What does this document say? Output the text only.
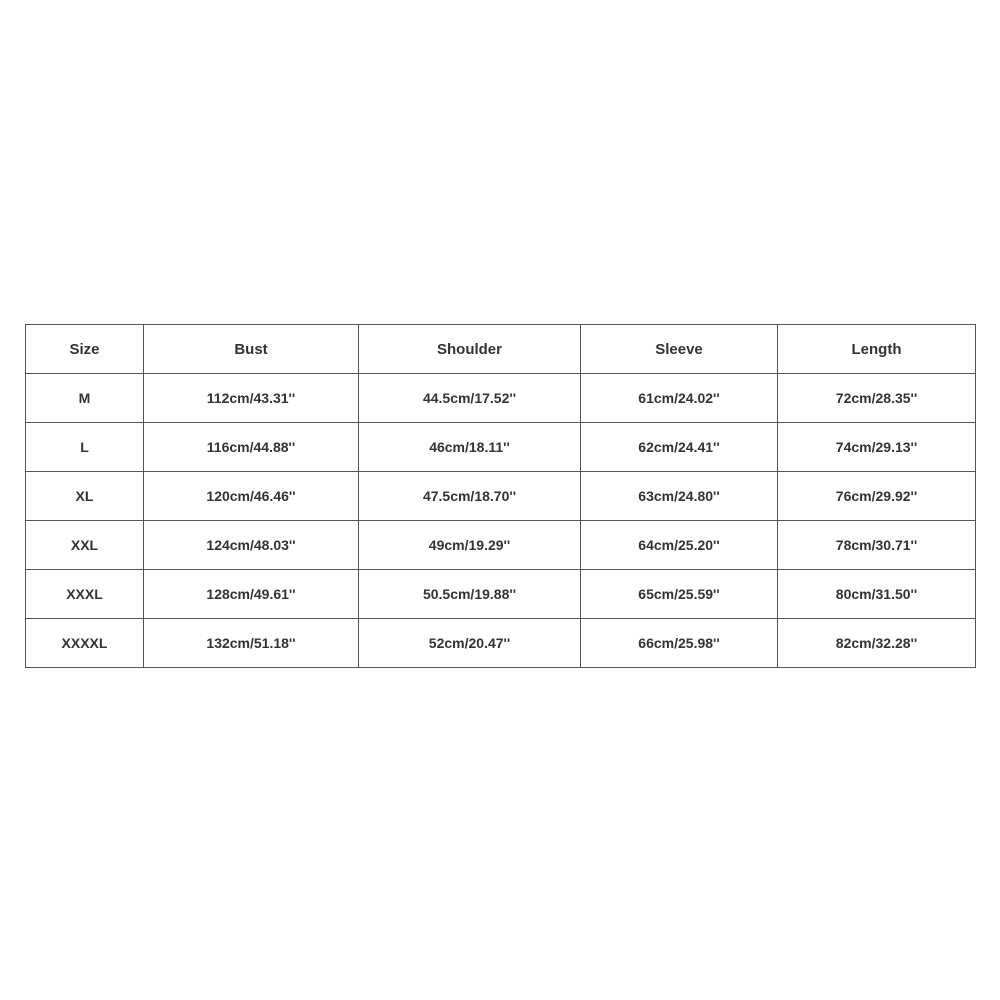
Size	Bust	Shoulder	Sleeve	Length
M	112cm/43.31''	44.5cm/17.52''	61cm/24.02''	72cm/28.35''
L	116cm/44.88''	46cm/18.11''	62cm/24.41''	74cm/29.13''
XL	120cm/46.46''	47.5cm/18.70''	63cm/24.80''	76cm/29.92''
XXL	124cm/48.03''	49cm/19.29''	64cm/25.20''	78cm/30.71''
XXXL	128cm/49.61''	50.5cm/19.88''	65cm/25.59''	80cm/31.50''
XXXXL	132cm/51.18''	52cm/20.47''	66cm/25.98''	82cm/32.28''
